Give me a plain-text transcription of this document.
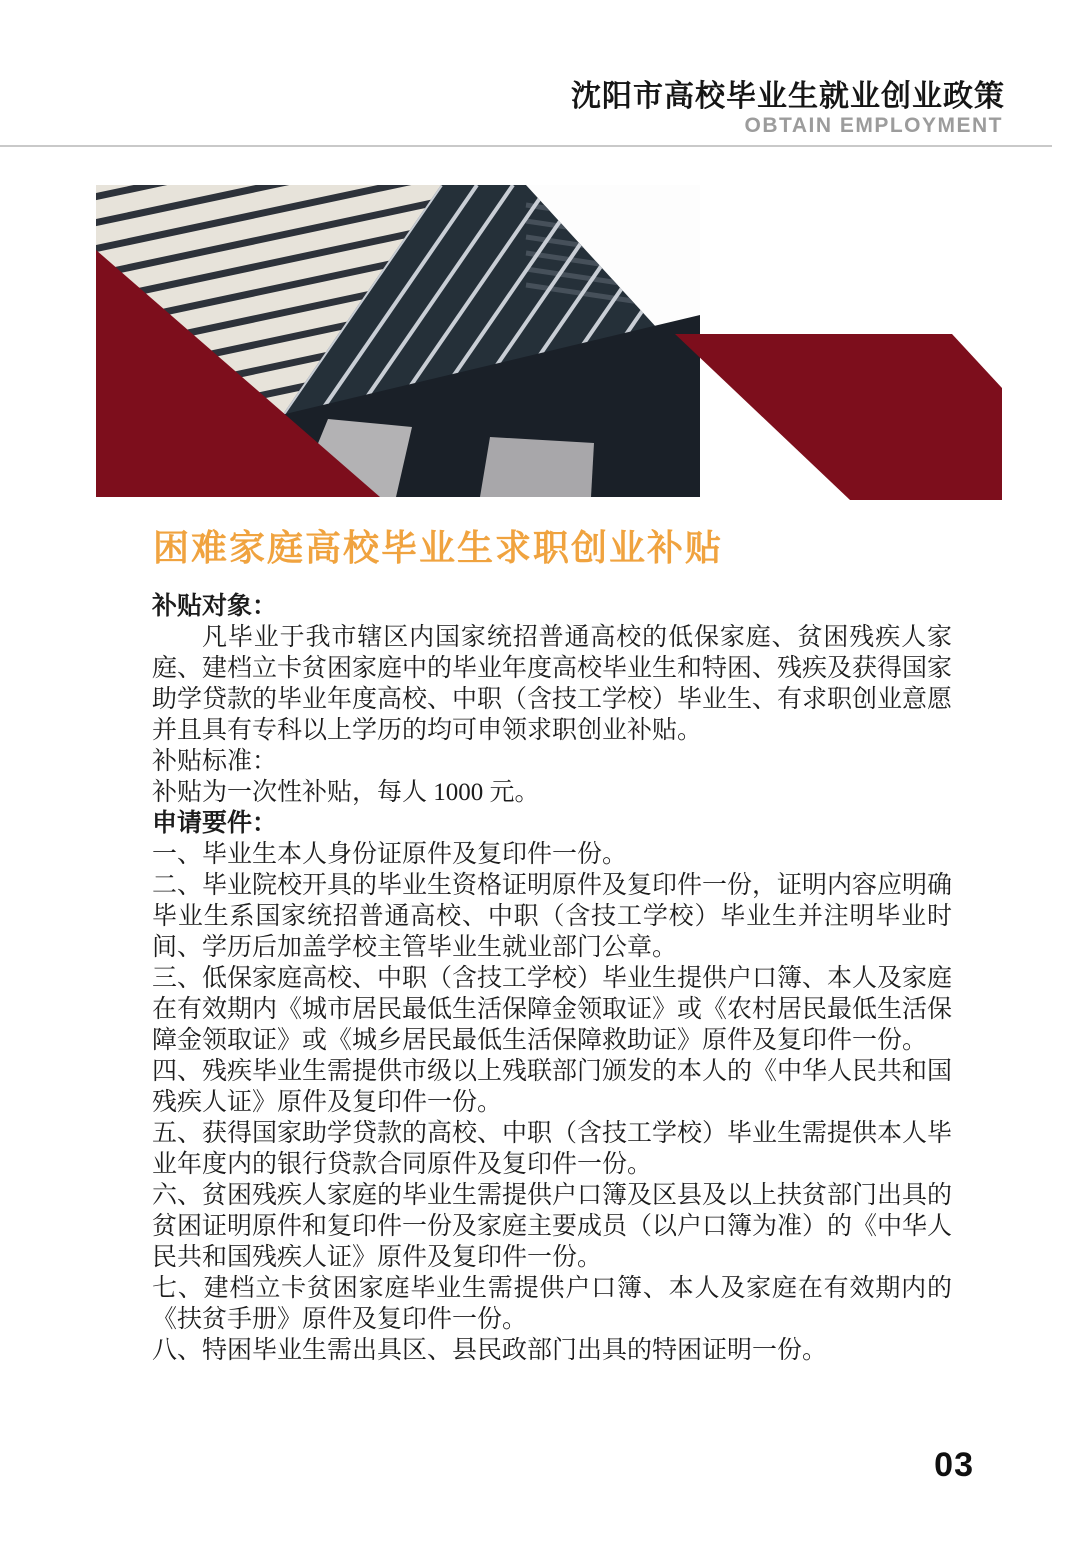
沈阳市高校毕业生就业创业政策
OBTAIN EMPLOYMENT
困难家庭高校毕业生求职创业补贴

补贴对象：

凡毕业于我市辖区内国家统招普通高校的低保家庭、贫困残疾人家庭、建档立卡贫困家庭中的毕业年度高校毕业生和特困、残疾及获得国家助学贷款的毕业年度高校、中职（含技工学校）毕业生、有求职创业意愿并且具有专科以上学历的均可申领求职创业补贴。

补贴标准：

补贴为一次性补贴，每人 1000 元。

申请要件：

一、毕业生本人身份证原件及复印件一份。

二、毕业院校开具的毕业生资格证明原件及复印件一份，证明内容应明确毕业生系国家统招普通高校、中职（含技工学校）毕业生并注明毕业时间、学历后加盖学校主管毕业生就业部门公章。

三、低保家庭高校、中职（含技工学校）毕业生提供户口簿、本人及家庭在有效期内《城市居民最低生活保障金领取证》或《农村居民最低生活保障金领取证》或《城乡居民最低生活保障救助证》原件及复印件一份。

四、残疾毕业生需提供市级以上残联部门颁发的本人的《中华人民共和国残疾人证》原件及复印件一份。

五、获得国家助学贷款的高校、中职（含技工学校）毕业生需提供本人毕业年度内的银行贷款合同原件及复印件一份。

六、贫困残疾人家庭的毕业生需提供户口簿及区县及以上扶贫部门出具的贫困证明原件和复印件一份及家庭主要成员（以户口簿为准）的《中华人民共和国残疾人证》原件及复印件一份。

七、建档立卡贫困家庭毕业生需提供户口簿、本人及家庭在有效期内的《扶贫手册》原件及复印件一份。

八、特困毕业生需出具区、县民政部门出具的特困证明一份。

03
